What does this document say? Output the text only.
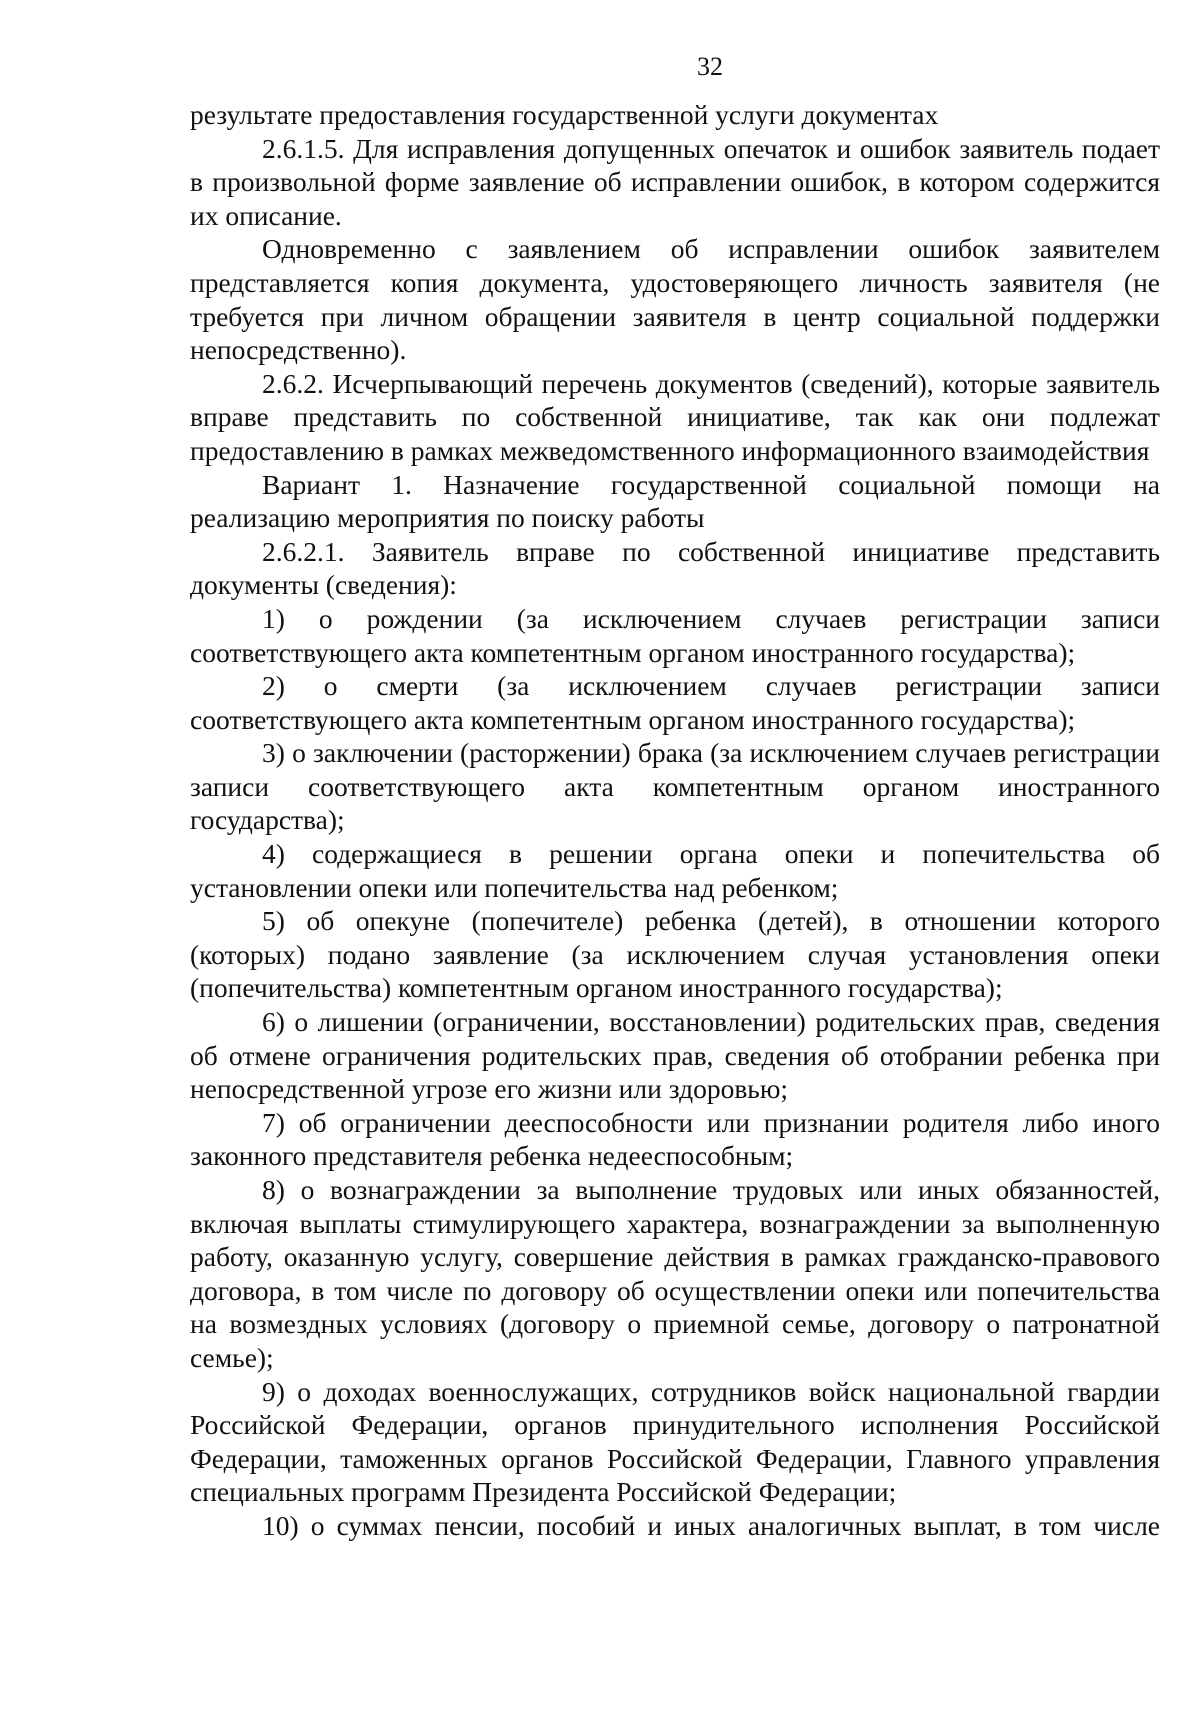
32

результате предоставления государственной услуги документах

2.6.1.5. Для исправления допущенных опечаток и ошибок заявитель подает в произвольной форме заявление об исправлении ошибок, в котором содержится их описание.

Одновременно с заявлением об исправлении ошибок заявителем представляется копия документа, удостоверяющего личность заявителя (не требуется при личном обращении заявителя в центр социальной поддержки непосредственно).

2.6.2. Исчерпывающий перечень документов (сведений), которые заявитель вправе представить по собственной инициативе, так как они подлежат предоставлению в рамках межведомственного информационного взаимодействия

Вариант 1. Назначение государственной социальной помощи на реализацию мероприятия по поиску работы

2.6.2.1. Заявитель вправе по собственной инициативе представить документы (сведения):

1) о рождении (за исключением случаев регистрации записи соответствующего акта компетентным органом иностранного государства);

2) о смерти (за исключением случаев регистрации записи соответствующего акта компетентным органом иностранного государства);

3) о заключении (расторжении) брака (за исключением случаев регистрации записи соответствующего акта компетентным органом иностранного государства);

4) содержащиеся в решении органа опеки и попечительства об установлении опеки или попечительства над ребенком;

5) об опекуне (попечителе) ребенка (детей), в отношении которого (которых) подано заявление (за исключением случая установления опеки (попечительства) компетентным органом иностранного государства);

6) о лишении (ограничении, восстановлении) родительских прав, сведения об отмене ограничения родительских прав, сведения об отобрании ребенка при непосредственной угрозе его жизни или здоровью;

7) об ограничении дееспособности или признании родителя либо иного законного представителя ребенка недееспособным;

8) о вознаграждении за выполнение трудовых или иных обязанностей, включая выплаты стимулирующего характера, вознаграждении за выполненную работу, оказанную услугу, совершение действия в рамках гражданско-правового договора, в том числе по договору об осуществлении опеки или попечительства на возмездных условиях (договору о приемной семье, договору о патронатной семье);

9) о доходах военнослужащих, сотрудников войск национальной гвардии Российской Федерации, органов принудительного исполнения Российской Федерации, таможенных органов Российской Федерации, Главного управления специальных программ Президента Российской Федерации;

10) о суммах пенсии, пособий и иных аналогичных выплат, в том числе
